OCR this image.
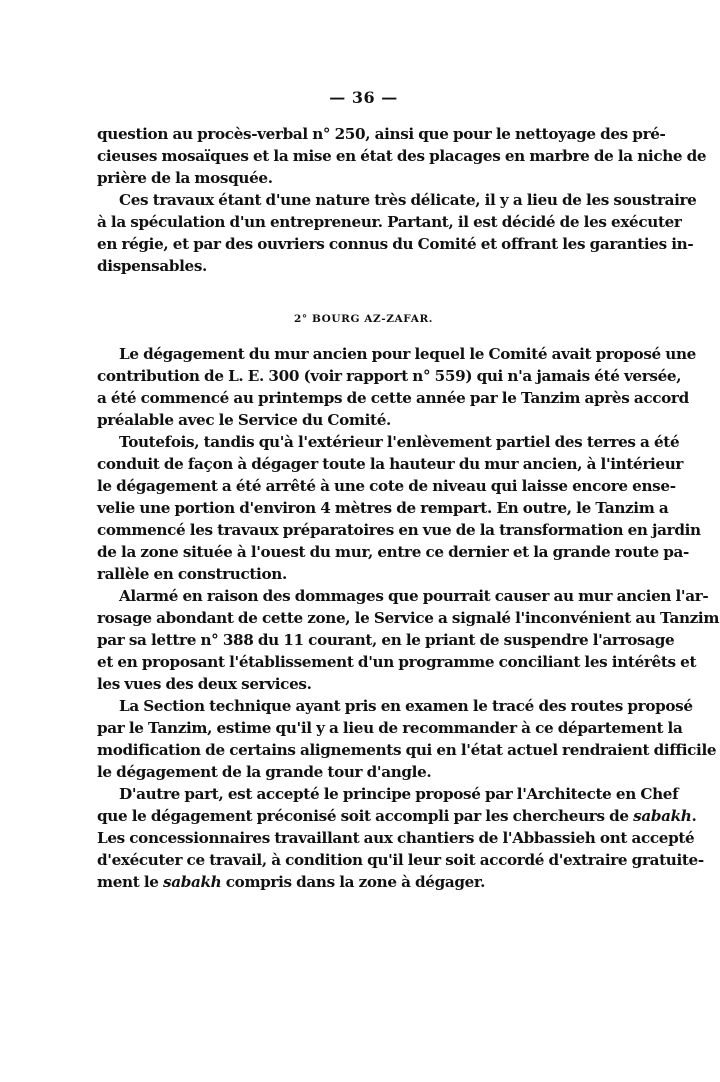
— 36 —
question au procès-verbal n° 250, ainsi que pour le nettoyage des pré-
cieuses mosaïques et la mise en état des placages en marbre de la niche de
prière de la mosquée.
Ces travaux étant d'une nature très délicate, il y a lieu de les soustraire
à la spéculation d'un entrepreneur. Partant, il est décidé de les exécuter
en régie, et par des ouvriers connus du Comité et offrant les garanties in-
dispensables.
2° BOURG AZ-ZAFAR.
Le dégagement du mur ancien pour lequel le Comité avait proposé une
contribution de L. E. 300 (voir rapport n° 559) qui n'a jamais été versée,
a été commencé au printemps de cette année par le Tanzim après accord
préalable avec le Service du Comité.
Toutefois, tandis qu'à l'extérieur l'enlèvement partiel des terres a été
conduit de façon à dégager toute la hauteur du mur ancien, à l'intérieur
le dégagement a été arrêté à une cote de niveau qui laisse encore ense-
velie une portion d'environ 4 mètres de rempart. En outre, le Tanzim a
commencé les travaux préparatoires en vue de la transformation en jardin
de la zone située à l'ouest du mur, entre ce dernier et la grande route pa-
rallèle en construction.
Alarmé en raison des dommages que pourrait causer au mur ancien l'ar-
rosage abondant de cette zone, le Service a signalé l'inconvénient au Tanzim
par sa lettre n° 388 du 11 courant, en le priant de suspendre l'arrosage
et en proposant l'établissement d'un programme conciliant les intérêts et
les vues des deux services.
La Section technique ayant pris en examen le tracé des routes proposé
par le Tanzim, estime qu'il y a lieu de recommander à ce département la
modification de certains alignements qui en l'état actuel rendraient difficile
le dégagement de la grande tour d'angle.
D'autre part, est accepté le principe proposé par l'Architecte en Chef
que le dégagement préconisé soit accompli par les chercheurs de sabakh.
Les concessionnaires travaillant aux chantiers de l'Abbassieh ont accepté
d'exécuter ce travail, à condition qu'il leur soit accordé d'extraire gratuite-
ment le sabakh compris dans la zone à dégager.
